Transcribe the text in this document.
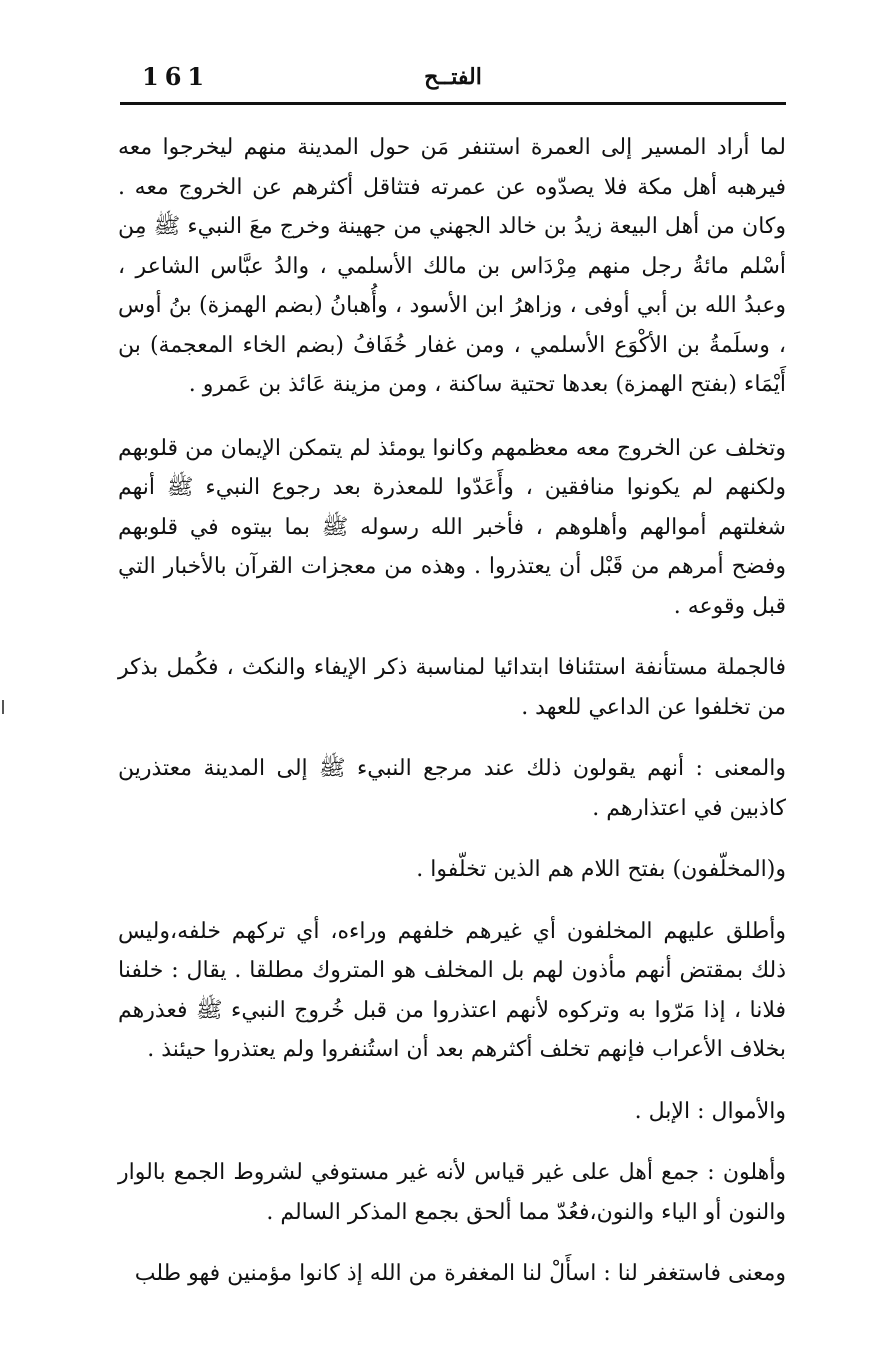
161	الفتــح

لما أراد المسير إلى العمرة استنفر مَن حول المدينة منهم ليخرجوا معه فيرهبه أهل مكة فلا يصدّوه عن عمرته فتثاقل أكثرهم عن الخروج معه . وكان من أهل البيعة زيدُ بن خالد الجهني من جهينة وخرج معَ النبيء ﷺ مِن أسْلم مائةُ رجل منهم مِرْدَاس بن مالك الأسلمي ، والدُ عبَّاس الشاعر ، وعبدُ الله بن أبي أوفى ، وزاهرُ ابن الأسود ، وأُهبانُ (بضم الهمزة) بنُ أوس ، وسلَمةُ بن الأكْوَع الأسلمي ، ومن غفار خُفَافُ (بضم الخاء المعجمة) بن أَيْمَاء (بفتح الهمزة) بعدها تحتية ساكنة ، ومن مزينة عَائذ بن عَمرو .

وتخلف عن الخروج معه معظمهم وكانوا يومئذ لم يتمكن الإيمان من قلوبهم ولكنهم لم يكونوا منافقين ، وأَعَدّوا للمعذرة بعد رجوع النبيء ﷺ أنهم شغلتهم أموالهم وأهلوهم ، فأخبر الله رسوله ﷺ بما بيتوه في قلوبهم وفضح أمرهم من قَبْل أن يعتذروا . وهذه من معجزات القرآن بالأخبار التي قبل وقوعه .

فالجملة مستأنفة استئنافا ابتدائيا لمناسبة ذكر الإيفاء والنكث ، فكُمل بذكر من تخلفوا عن الداعي للعهد .

والمعنى : أنهم يقولون ذلك عند مرجع النبيء ﷺ إلى المدينة معتذرين كاذبين في اعتذارهم .

و(المخلّفون) بفتح اللام هم الذين تخلّفوا .

وأطلق عليهم المخلفون أي غيرهم خلفهم وراءه، أي تركهم خلفه،وليس ذلك بمقتض أنهم مأذون لهم بل المخلف هو المتروك مطلقا . يقال : خلفنا فلانا ، إذا مَرّوا به وتركوه لأنهم اعتذروا من قبل خُروج النبيء ﷺ فعذرهم بخلاف الأعراب فإنهم تخلف أكثرهم بعد أن استُنفروا ولم يعتذروا حيئنذ .

والأموال : الإبل .

وأهلون : جمع أهل على غير قياس لأنه غير مستوفي لشروط الجمع بالوار والنون أو الياء والنون،فعُدّ مما ألحق بجمع المذكر السالم .

ومعنى فاستغفر لنا : اسأَلْ لنا المغفرة من الله إذ كانوا مؤمنين فهو طلب
